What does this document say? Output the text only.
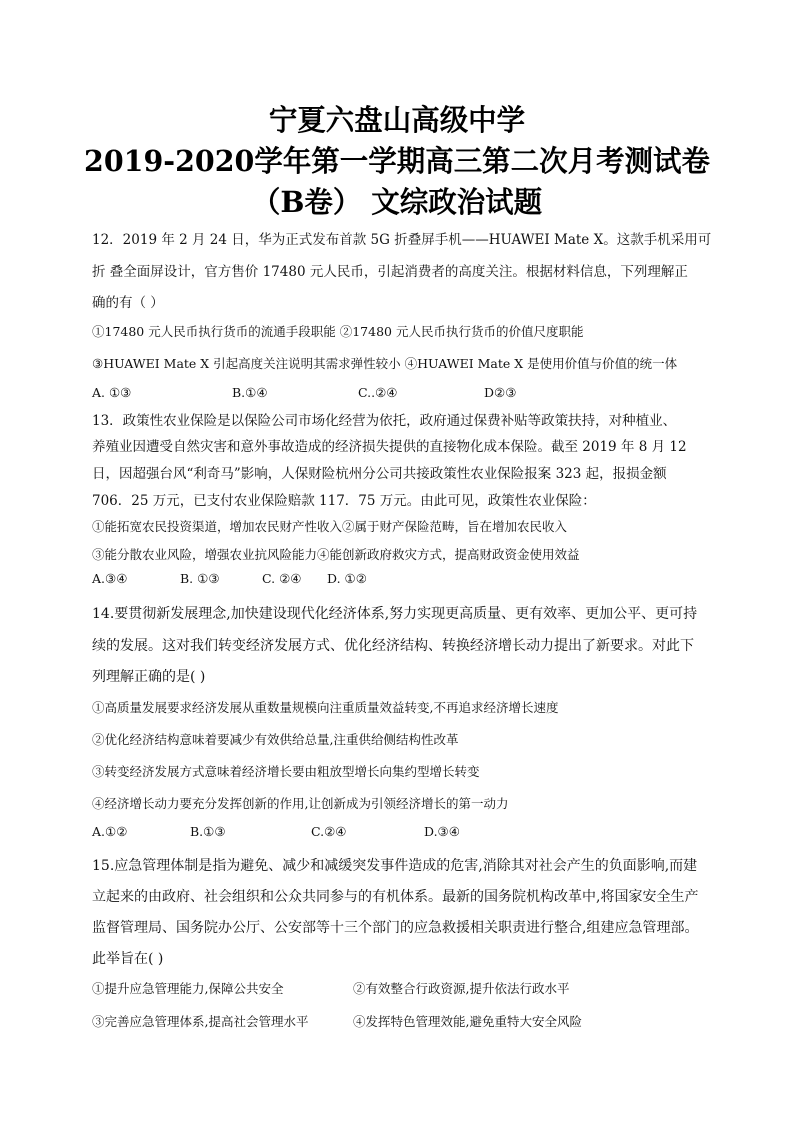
宁夏六盘山高级中学
2019-2020学年第一学期高三第二次月考测试卷
（B卷） 文综政治试题
12．2019 年 2 月 24 日，华为正式发布首款 5G 折叠屏手机——HUAWEI Mate X。这款手机采用可
折 叠全面屏设计，官方售价 17480 元人民币，引起消费者的高度关注。根据材料信息，下列理解正
确的有（ ）
①17480 元人民币执行货币的流通手段职能 ②17480 元人民币执行货币的价值尺度职能
③HUAWEI Mate X 引起高度关注说明其需求弹性较小 ④HUAWEI Mate X 是使用价值与价值的统一体
A. ①③	B.①④	C..②④	D②③
13．政策性农业保险是以保险公司市场化经营为依托，政府通过保费补贴等政策扶持，对种植业、
养殖业因遭受自然灾害和意外事故造成的经济损失提供的直接物化成本保险。截至 2019 年 8 月 12
日，因超强台风“利奇马”影响，人保财险杭州分公司共接政策性农业保险报案 323 起，报损金额
706．25 万元，已支付农业保险赔款 117．75 万元。由此可见，政策性农业保险：
①能拓宽农民投资渠道，增加农民财产性收入②属于财产保险范畴，旨在增加农民收入
③能分散农业风险，增强农业抗风险能力④能创新政府救灾方式，提高财政资金使用效益
A.③④	B. ①③	C. ②④ D. ①②
14.要贯彻新发展理念,加快建设现代化经济体系,努力实现更高质量、更有效率、更加公平、更可持
续的发展。这对我们转变经济发展方式、优化经济结构、转换经济增长动力提出了新要求。对此下
列理解正确的是( )
①高质量发展要求经济发展从重数量规模向注重质量效益转变,不再追求经济增长速度
②优化经济结构意味着要减少有效供给总量,注重供给侧结构性改革
③转变经济发展方式意味着经济增长要由粗放型增长向集约型增长转变
④经济增长动力要充分发挥创新的作用,让创新成为引领经济增长的第一动力
A.①②	B.①③	C.②④	D.③④
15.应急管理体制是指为避免、减少和减缓突发事件造成的危害,消除其对社会产生的负面影响,而建
立起来的由政府、社会组织和公众共同参与的有机体系。最新的国务院机构改革中,将国家安全生产
监督管理局、国务院办公厅、公安部等十三个部门的应急救援相关职责进行整合,组建应急管理部。
此举旨在( )
①提升应急管理能力,保障公共安全	②有效整合行政资源,提升依法行政水平
③完善应急管理体系,提高社会管理水平	④发挥特色管理效能,避免重特大安全风险
